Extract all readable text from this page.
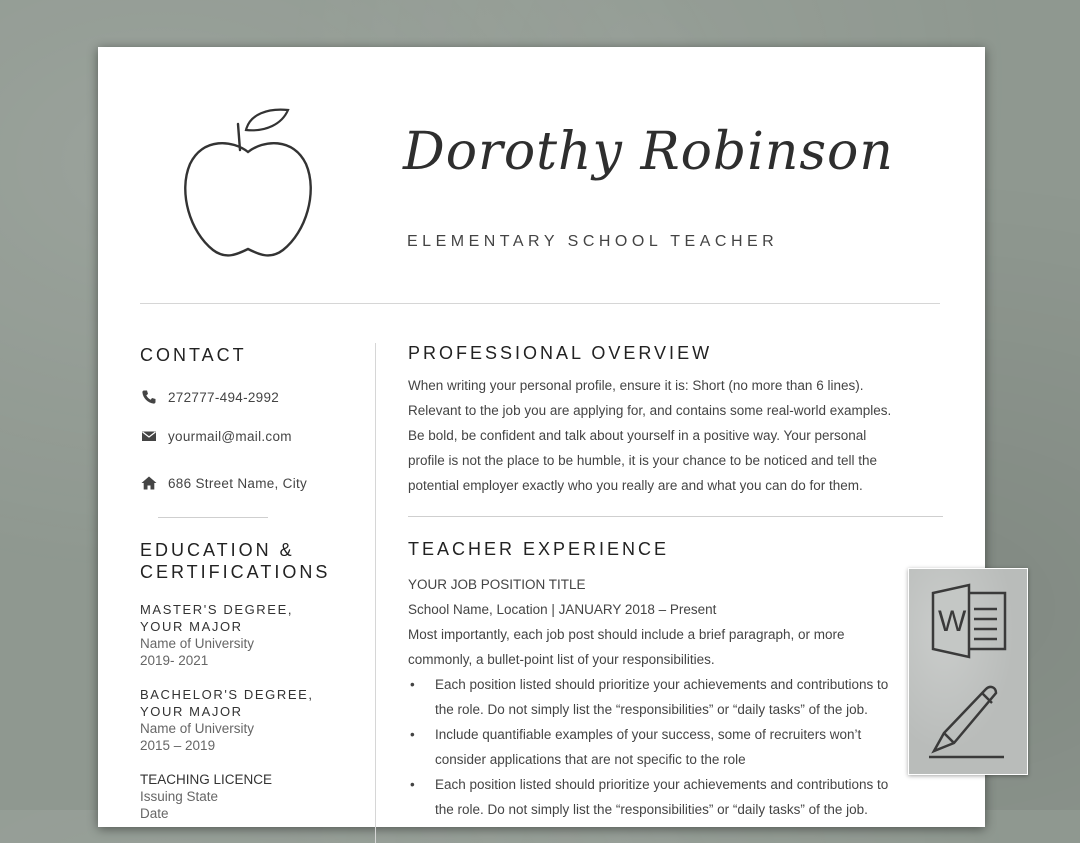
Dorothy Robinson
ELEMENTARY SCHOOL TEACHER
CONTACT
272777-494-2992
yourmail@mail.com
686 Street Name, City
EDUCATION &
CERTIFICATIONS
MASTER'S DEGREE,
YOUR MAJOR
Name of University
2019- 2021
BACHELOR'S DEGREE,
YOUR MAJOR
Name of University
2015 – 2019
TEACHING LICENCE
Issuing State
Date
PROFESSIONAL OVERVIEW
When writing your personal profile, ensure it is: Short (no more than 6 lines).
Relevant to the job you are applying for, and contains some real-world examples.
Be bold, be confident and talk about yourself in a positive way. Your personal
profile is not the place to be humble, it is your chance to be noticed and tell the
potential employer exactly who you really are and what you can do for them.
TEACHER EXPERIENCE
YOUR JOB POSITION TITLE
School Name, Location | JANUARY 2018 – Present
Most importantly, each job post should include a brief paragraph, or more
commonly, a bullet-point list of your responsibilities.
•	Each position listed should prioritize your achievements and contributions to
the role. Do not simply list the “responsibilities” or “daily tasks” of the job.
•	Include quantifiable examples of your success, some of recruiters won’t
consider applications that are not specific to the role
•	Each position listed should prioritize your achievements and contributions to
the role. Do not simply list the “responsibilities” or “daily tasks” of the job.
W
